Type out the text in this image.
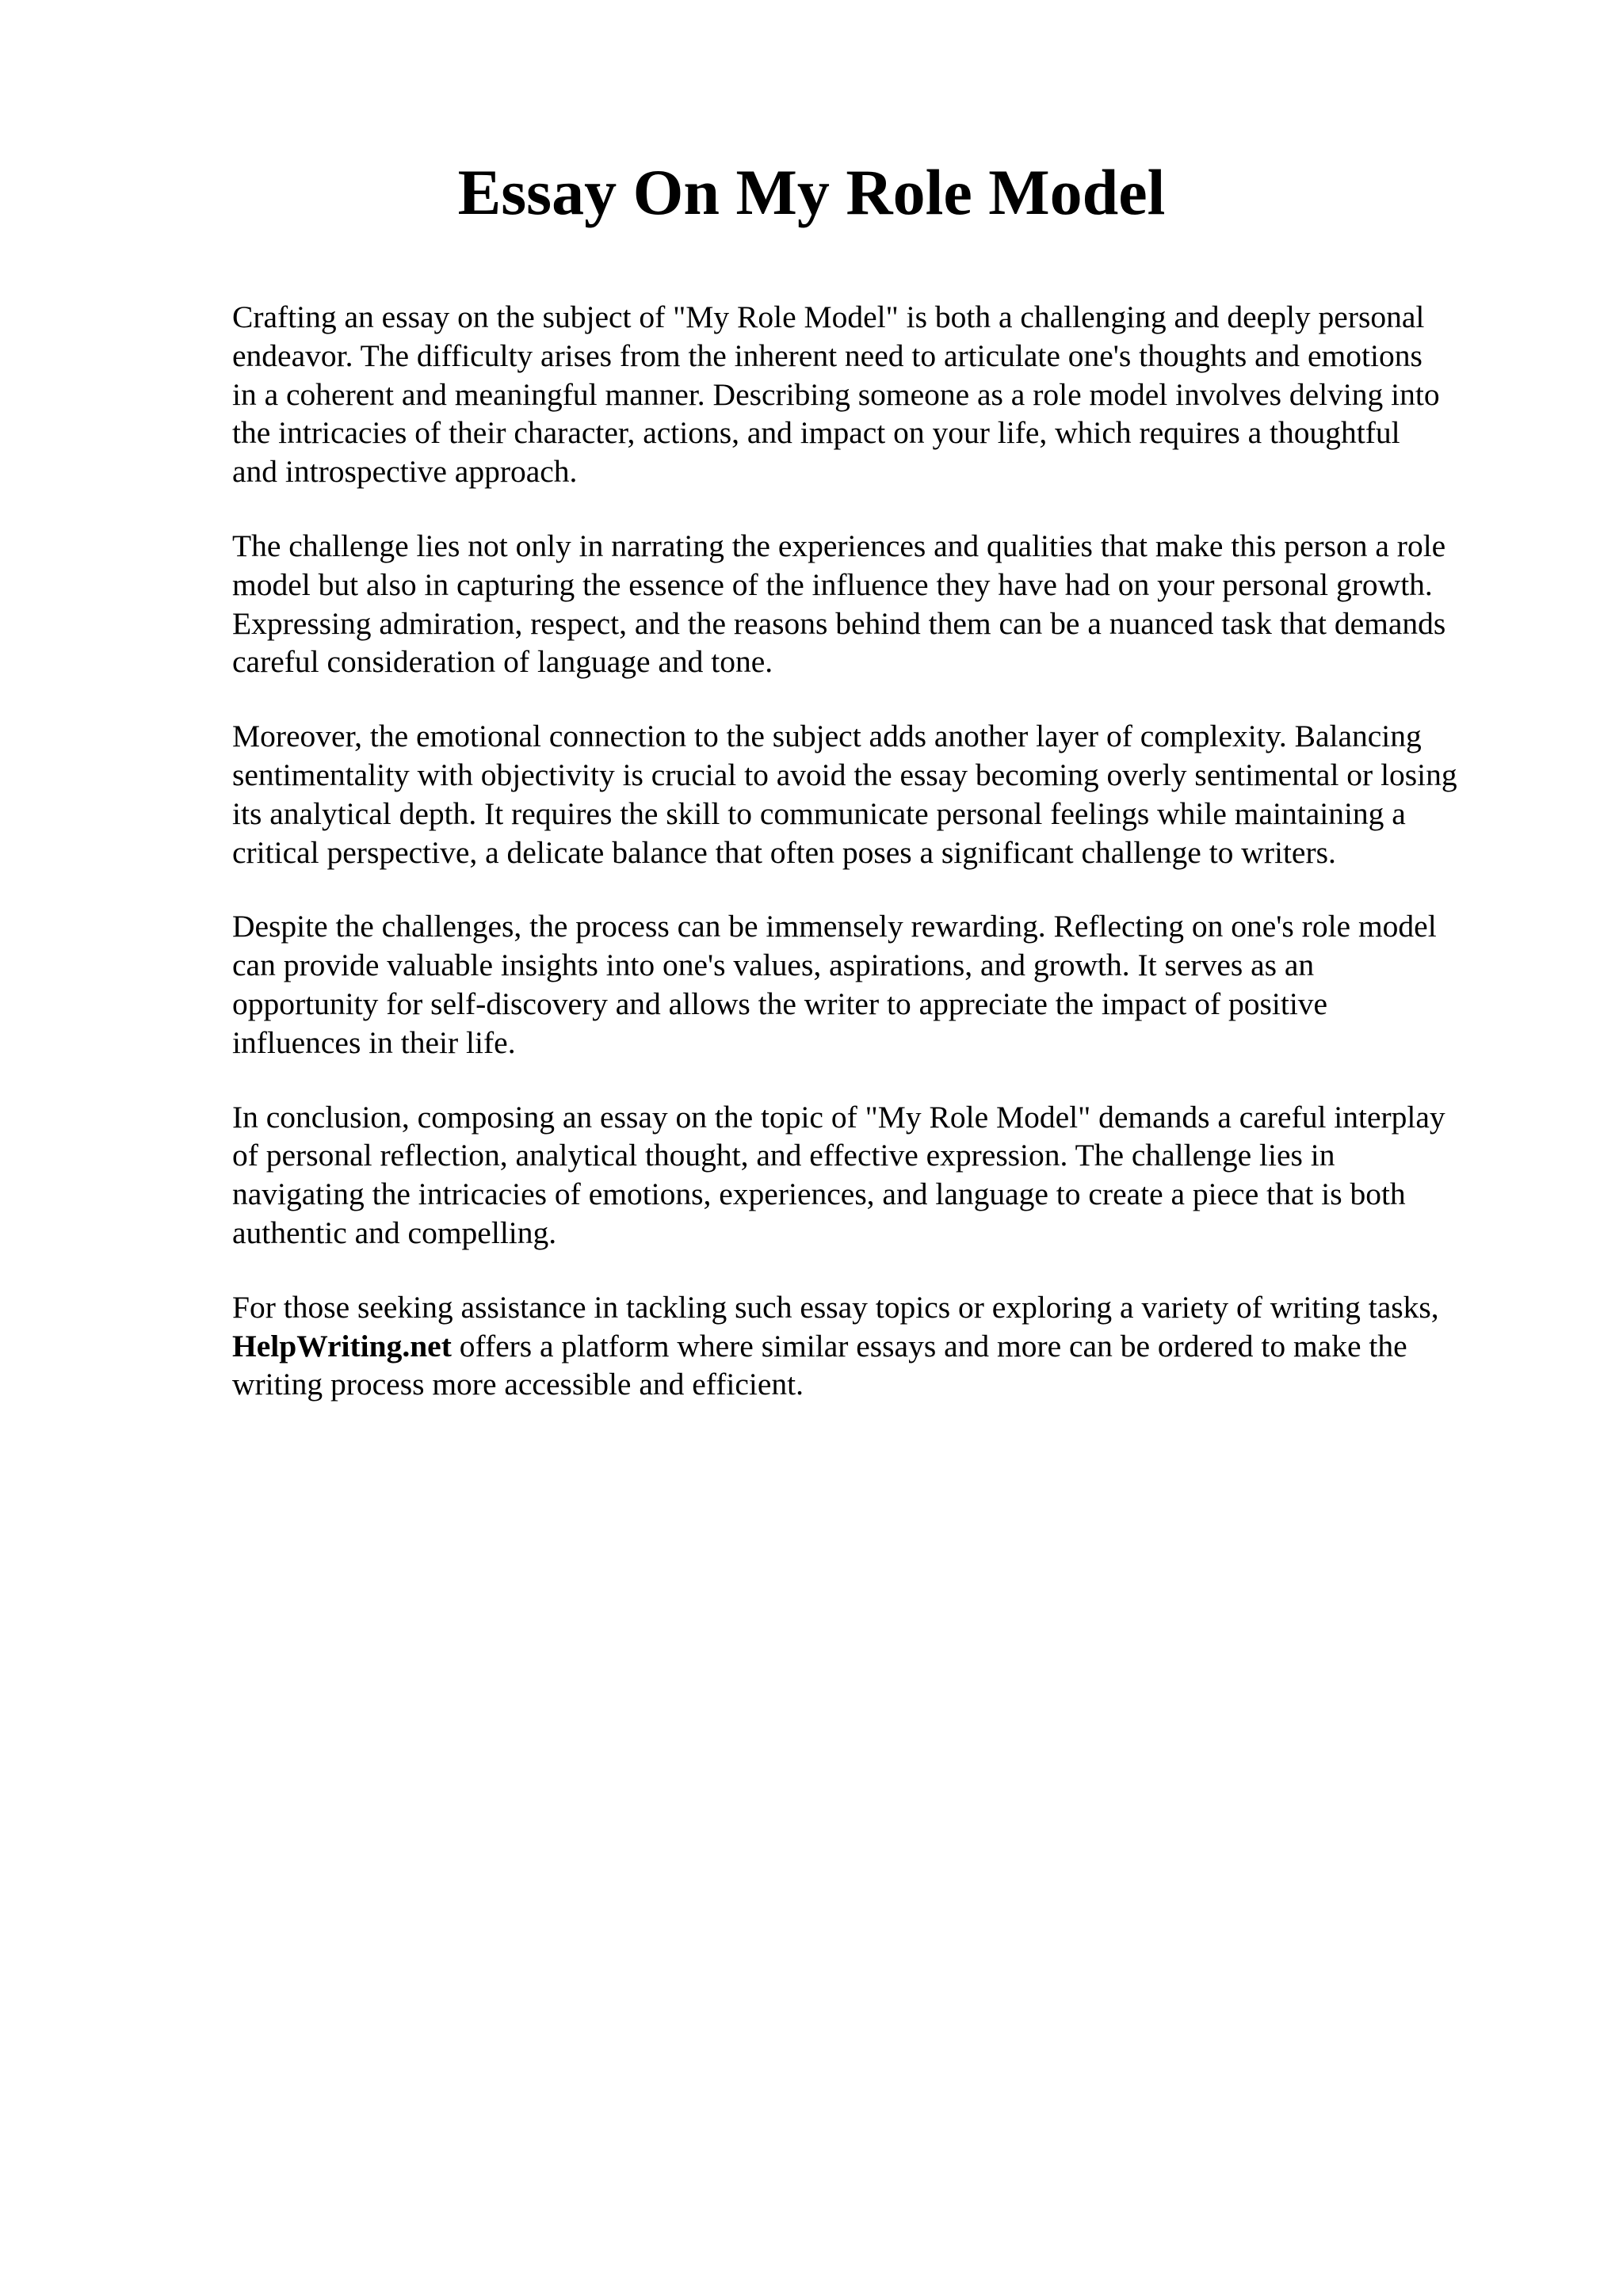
Essay On My Role Model

Crafting an essay on the subject of "My Role Model" is both a challenging and deeply personal
endeavor. The difficulty arises from the inherent need to articulate one's thoughts and emotions
in a coherent and meaningful manner. Describing someone as a role model involves delving into
the intricacies of their character, actions, and impact on your life, which requires a thoughtful
and introspective approach.

The challenge lies not only in narrating the experiences and qualities that make this person a role
model but also in capturing the essence of the influence they have had on your personal growth.
Expressing admiration, respect, and the reasons behind them can be a nuanced task that demands
careful consideration of language and tone.

Moreover, the emotional connection to the subject adds another layer of complexity. Balancing
sentimentality with objectivity is crucial to avoid the essay becoming overly sentimental or losing
its analytical depth. It requires the skill to communicate personal feelings while maintaining a
critical perspective, a delicate balance that often poses a significant challenge to writers.

Despite the challenges, the process can be immensely rewarding. Reflecting on one's role model
can provide valuable insights into one's values, aspirations, and growth. It serves as an
opportunity for self-discovery and allows the writer to appreciate the impact of positive
influences in their life.

In conclusion, composing an essay on the topic of "My Role Model" demands a careful interplay
of personal reflection, analytical thought, and effective expression. The challenge lies in
navigating the intricacies of emotions, experiences, and language to create a piece that is both
authentic and compelling.

For those seeking assistance in tackling such essay topics or exploring a variety of writing tasks,
HelpWriting.net offers a platform where similar essays and more can be ordered to make the
writing process more accessible and efficient.
